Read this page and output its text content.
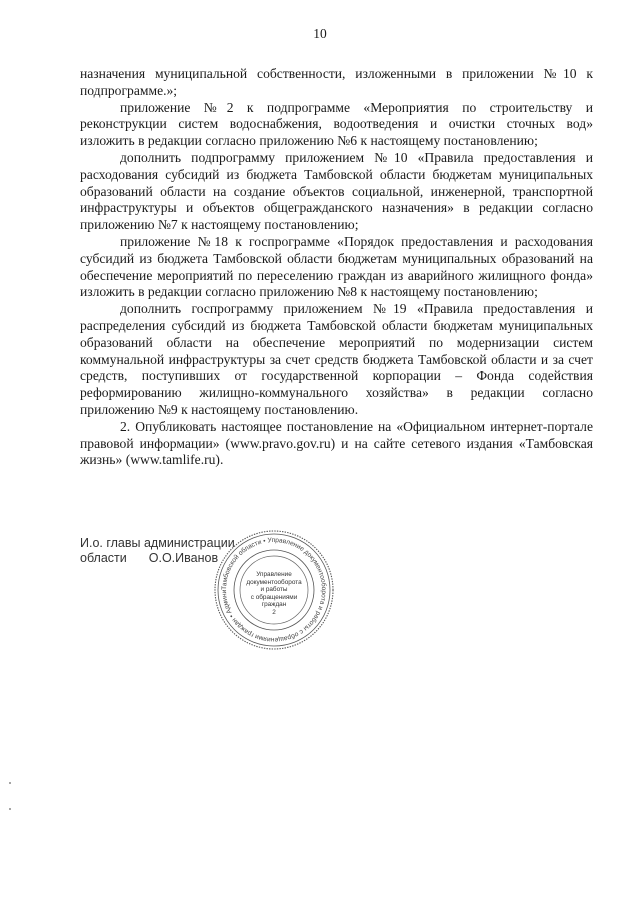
10

назначения муниципальной собственности, изложенными в приложении №10 к подпрограмме.»;

приложение №2 к подпрограмме «Мероприятия по строительству и реконструкции систем водоснабжения, водоотведения и очистки сточных вод» изложить в редакции согласно приложению №6 к настоящему постановлению;

дополнить подпрограмму приложением №10 «Правила предоставления и расходования субсидий из бюджета Тамбовской области бюджетам муниципальных образований области на создание объектов социальной, инженерной, транспортной инфраструктуры и объектов общегражданского назначения» в редакции согласно приложению №7 к настоящему постановлению;

приложение №18 к госпрограмме «Порядок предоставления и расходования субсидий из бюджета Тамбовской области бюджетам муниципальных образований на обеспечение мероприятий по переселению граждан из аварийного жилищного фонда» изложить в редакции согласно приложению №8 к настоящему постановлению;

дополнить госпрограмму приложением №19 «Правила предоставления и распределения субсидий из бюджета Тамбовской области бюджетам муниципальных образований области на обеспечение мероприятий по модернизации систем коммунальной инфраструктуры за счет средств бюджета Тамбовской области и за счет средств, поступивших от государственной корпорации – Фонда содействия реформированию жилищно-коммунального хозяйства» в редакции согласно приложению №9 к настоящему постановлению.

2. Опубликовать настоящее постановление на «Официальном интернет-портале правовой информации» (www.pravo.gov.ru) и на сайте сетевого издания «Тамбовская жизнь» (www.tamlife.ru).

И.о. главы администрации
области О.О.Иванов
Тамбовской области • Управление документооборота и работы с обращениями граждан • Админи
Управление
документооборота
и работы
с обращениями
граждан
2
